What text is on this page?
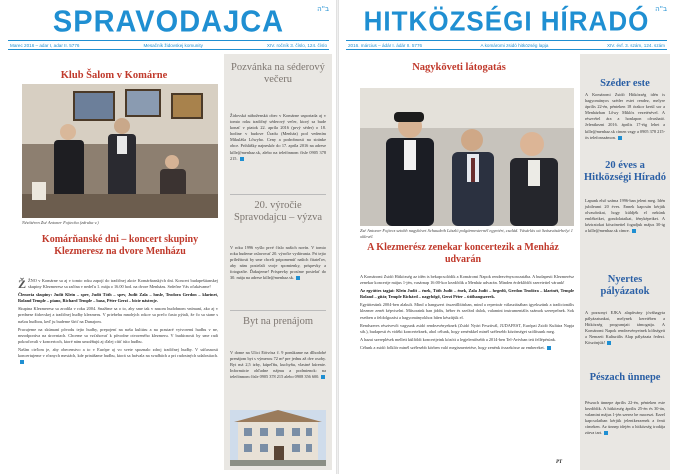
ב"ה
SPRAVODAJCA
Marec 2016 – adar I, adar II. 5776	Mesačník židovskej komunity	XIV. ročník 3. číslo, 124. číslo
Klub Šalom v Komárne
Nézőtéren Zsé Antoner Fojtecha (zdruha v.)
Komárňanské dni – koncert skupiny Klezmeresz na dvore Menházu

ŽŽNO v Komárne sa aj v tomto roku zapojí do tradičnej akcie Komárňanských dní. Koncert budapeštianskej skupiny Klezmeresz sa začína v nedeľu 1. mája o 16.00 hod. na dvore Menházu. Srdečne Vás očakávame!

Členovia skupiny: Judit Klein – spev, Judit Tóth – spev, Judit Zala – husle, Teodora Gerdon – klarinet, Roland Temple – piano, Richard Temple – basa, Péter Gerzi – bicie nástroje.

Skupina Klezmeresz sa zrodila v roku 2004. Snažíme sa o to, aby sme tak v nasom hudobnom vnímaní, ako aj v prednese židovskej a tradičnej hudby klezmeru. V priebehu mnohých rokov sa prečo často pýtali, že čo sa stane s našou hudbou, keď ju budeme šíriť na Dunajom.

Pracujeme na skúmaní pôvodu tejto hudby, prepojení na našu kultúru a na prastaré vytvorenú hudbu v ne, nezodporúva na úrovniach. Chceme sa vzťahovať k pôvodne otvoreného klezmeru. V budúcnosti by sme radi pokračovali v koncertoch, ktoré nám umožňujú aj ďalej cítiť túto hudbu.

Naším cieľom je, aby obecenstvo a to v Európe aj vo svete spoznalo zdroj tradičnej hudby. V súčasnosti koncertujeme v rôznych mestách, kde prinášame hudbu, ktorá sa hrávala na svadbách a pri radostných udalostiach.

Pozvánka na séderový večeru

Židovská náboženská obec v Komárne usporiada aj v tomto roku tradičný séderový večer, ktorý sa bude konať v piatok 22. apríla 2016 (prvý séder) o 18. hodine v budove Úradu (Menház) pod vedením Mikuláša Lőwyho. Ceny a podrobnosti na stránke obce. Prihlášky najneskôr do 17. apríla 2016 na adrese kille@menhaz.sk, alebo na telefónnom čísle 0905 378 215.

20. výročie Spravodajcu – výzva

V roku 1996 vyšlo prvé číslo našich novín. V tomto roku budeme oslavovať 20. výročie vydávania. Pri tejto príležitosti by sme chceli pripomenúť našich čitateľov, aby nám posielali svoje spomienky, príspevky a fotografie. Ďakujeme! Príspevky prosíme posielať do 30. mája na adrese kille@menhaz.sk.

Byt na prenájom

V dome na Ulici Eötvösa č. 9 ponúkame na dlhodobé prenájom byt s výmerou 72 m² pre jednu až dve osoby. Byt má 2,5 izby, kúpeľňu, kuchyňu, vlastné kúrenie. Informácie ohľadne nájmu a podmienok: na telefónnom čísle 0905 378 215 alebo 0908 356 600.

ב"ה
HITKÖZSÉGI HÍRADÓ
2016. március – ádár I. ádár II. 5776	A komáromi zsidó hitközség lapja	XIV. évf. 3. szám, 124. szám
Nagyköveti látogatás
Zsé Antoner Fojtecz sztohh nagykövet Schaudeth László polgármesternél egyetért, család. Vásárlás ott Szászvásárhelyi 1 oklevél.
A Klezmerész zenekar koncertezik a Menház udvarán

A Komáromi Zsidó Hitközség az idén is bekapcsolódik a Komáromi Napok rendezvénysorozatába. A budapesti Klezmerész zenekar koncertje május 1-jén, vasárnap 16:00-kor kezdődik a Menház udvarán. Minden érdeklődőt szeretettel várunk!

Az együttes tagjai: Klein Judit – ének, Tóth Judit – ének, Zala Judit – hegedű, Gerdon Teodóra – klarinét, Temple Roland – gitár, Temple Richárd – nagybőgő, Gerzi Péter – ütőhangszerek.

Együttesünk 2004-ben alakult. Mind a hangszeri összeállításban, mind a repertoár választásában igyekszünk a tradicionális klezmer zenét képviselni. Műsoraink ban jiddis, héber és szefárd dalok, valamint instrumentális számok szerepelnek. Sok esetben a feldolgozást a hagyományokhoz hűen készítjük el.

Rendszeres résztvevői vagyunk zsidó rendezvényeknek (Zsidó Nyári Fesztivál, JUDAFEST, Európai Zsidó Kultúra Napja stb.), budapesti és vidéki koncerteknek, ahol célunk, hogy zenénkkel minél szélesebb közönséget szólítsunk meg.

A hazai szereplések mellett külföldi koncertjeink között a legjelentősebb a 2014-ben Tel-Avivban tett fellépésünk.

Célunk a zsidó folklór minél szélesebb körben való megismertetése, hogy zenénk összekösse az embereket.

PT
Széder este

A Komáromi Zsidó Hitközség idén is hagyományos széder estet rendez, melyre április 22-én, pénteken 18 órakor kerül sor a Menházban Lőwy Miklós vezetésével. A részvétel ára a honlapon olvasható. Jelentkezni 2016. április 17-éig lehet a kille@menhaz.sk címen vagy a 0905 378 215-ös telefonszámon.

20 éves a Hitközségi Híradó

Lapunk első száma 1996-ban jelent meg. Idén jubileumi 20 éves. Ennek kapcsán kérjük olvasóinkat, hogy küldjék el nekünk emlékeiket, gondolataikat, fényképeiket. A kéziratokat köszönettel fogadjuk május 30-ig a kille@menhaz.sk címre.

Nyertes pályázatok

A pozsonyi EJKA alapítvány jóváhagyta pályázatunkat, melynek keretében a Hitközség programjait támogatja. A Komáromi Napok rendezvényeinek költségeit a Nemzeti Kulturális Alap pályázata fedezi. Köszönjük!

Pészach ünnepe

Pészach ünnepe április 22-én, pénteken este kezdődik. A hitközség április 25-én és 30-án, valamint május 1-jén szerez be maceszt. Ezzel kapcsolatban kérjük jelentkezzenek a fenti címeken. Az ünnep idején a hitközség irodája zárva tart.
